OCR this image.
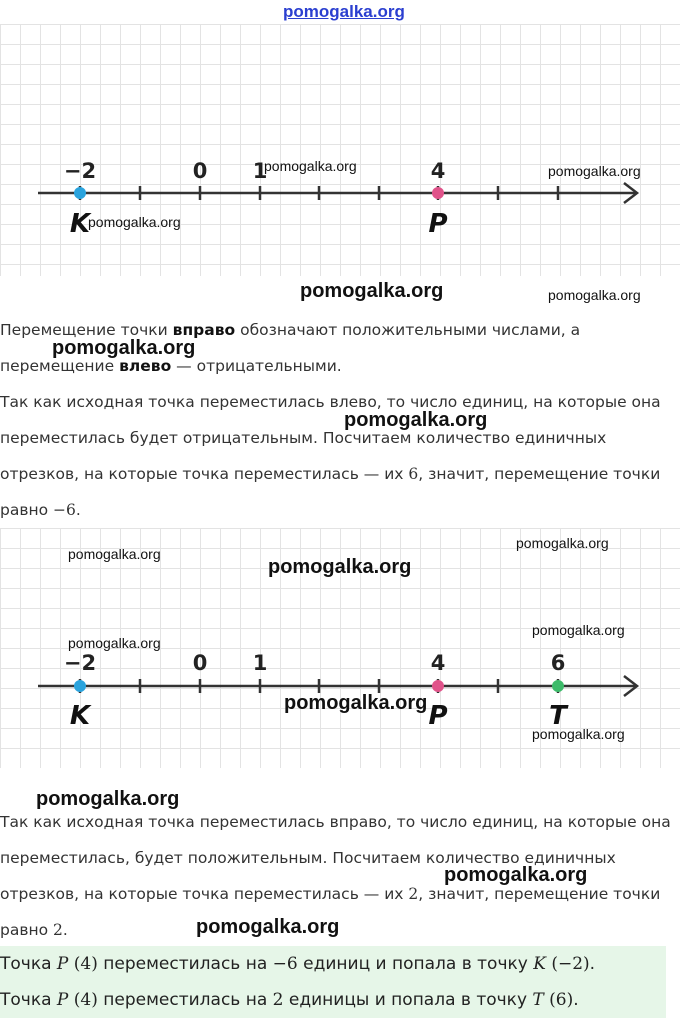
pomogalka.org
−2	0 1	4
K	P
pomogalka.org	pomogalka.org
pomogalka.org
pomogalka.org	pomogalka.org
Перемещение точки вправо обозначают положительными числами, а перемещение влево — отрицательными.
pomogalka.org
Так как исходная точка переместилась влево, то число единиц, на которые она переместилась будет отрицательным. Посчитаем количество единичных отрезков, на которые точка переместилась — их 6, значит, перемещение точки равно −6.
pomogalka.org
−2	0 1	4	6
K	P	T
pomogalka.org
pomogalka.org
pomogalka.org
pomogalka.org
pomogalka.org
pomogalka.org
pomogalka.org
pomogalka.org
Так как исходная точка переместилась вправо, то число единиц, на которые она переместилась, будет положительным. Посчитаем количество единичных отрезков, на которые точка переместилась — их 2, значит, перемещение точки равно 2.
pomogalka.org
pomogalka.org
Точка P (4) переместилась на −6 единиц и попала в точку K (−2).
Точка P (4) переместилась на 2 единицы и попала в точку T (6).
